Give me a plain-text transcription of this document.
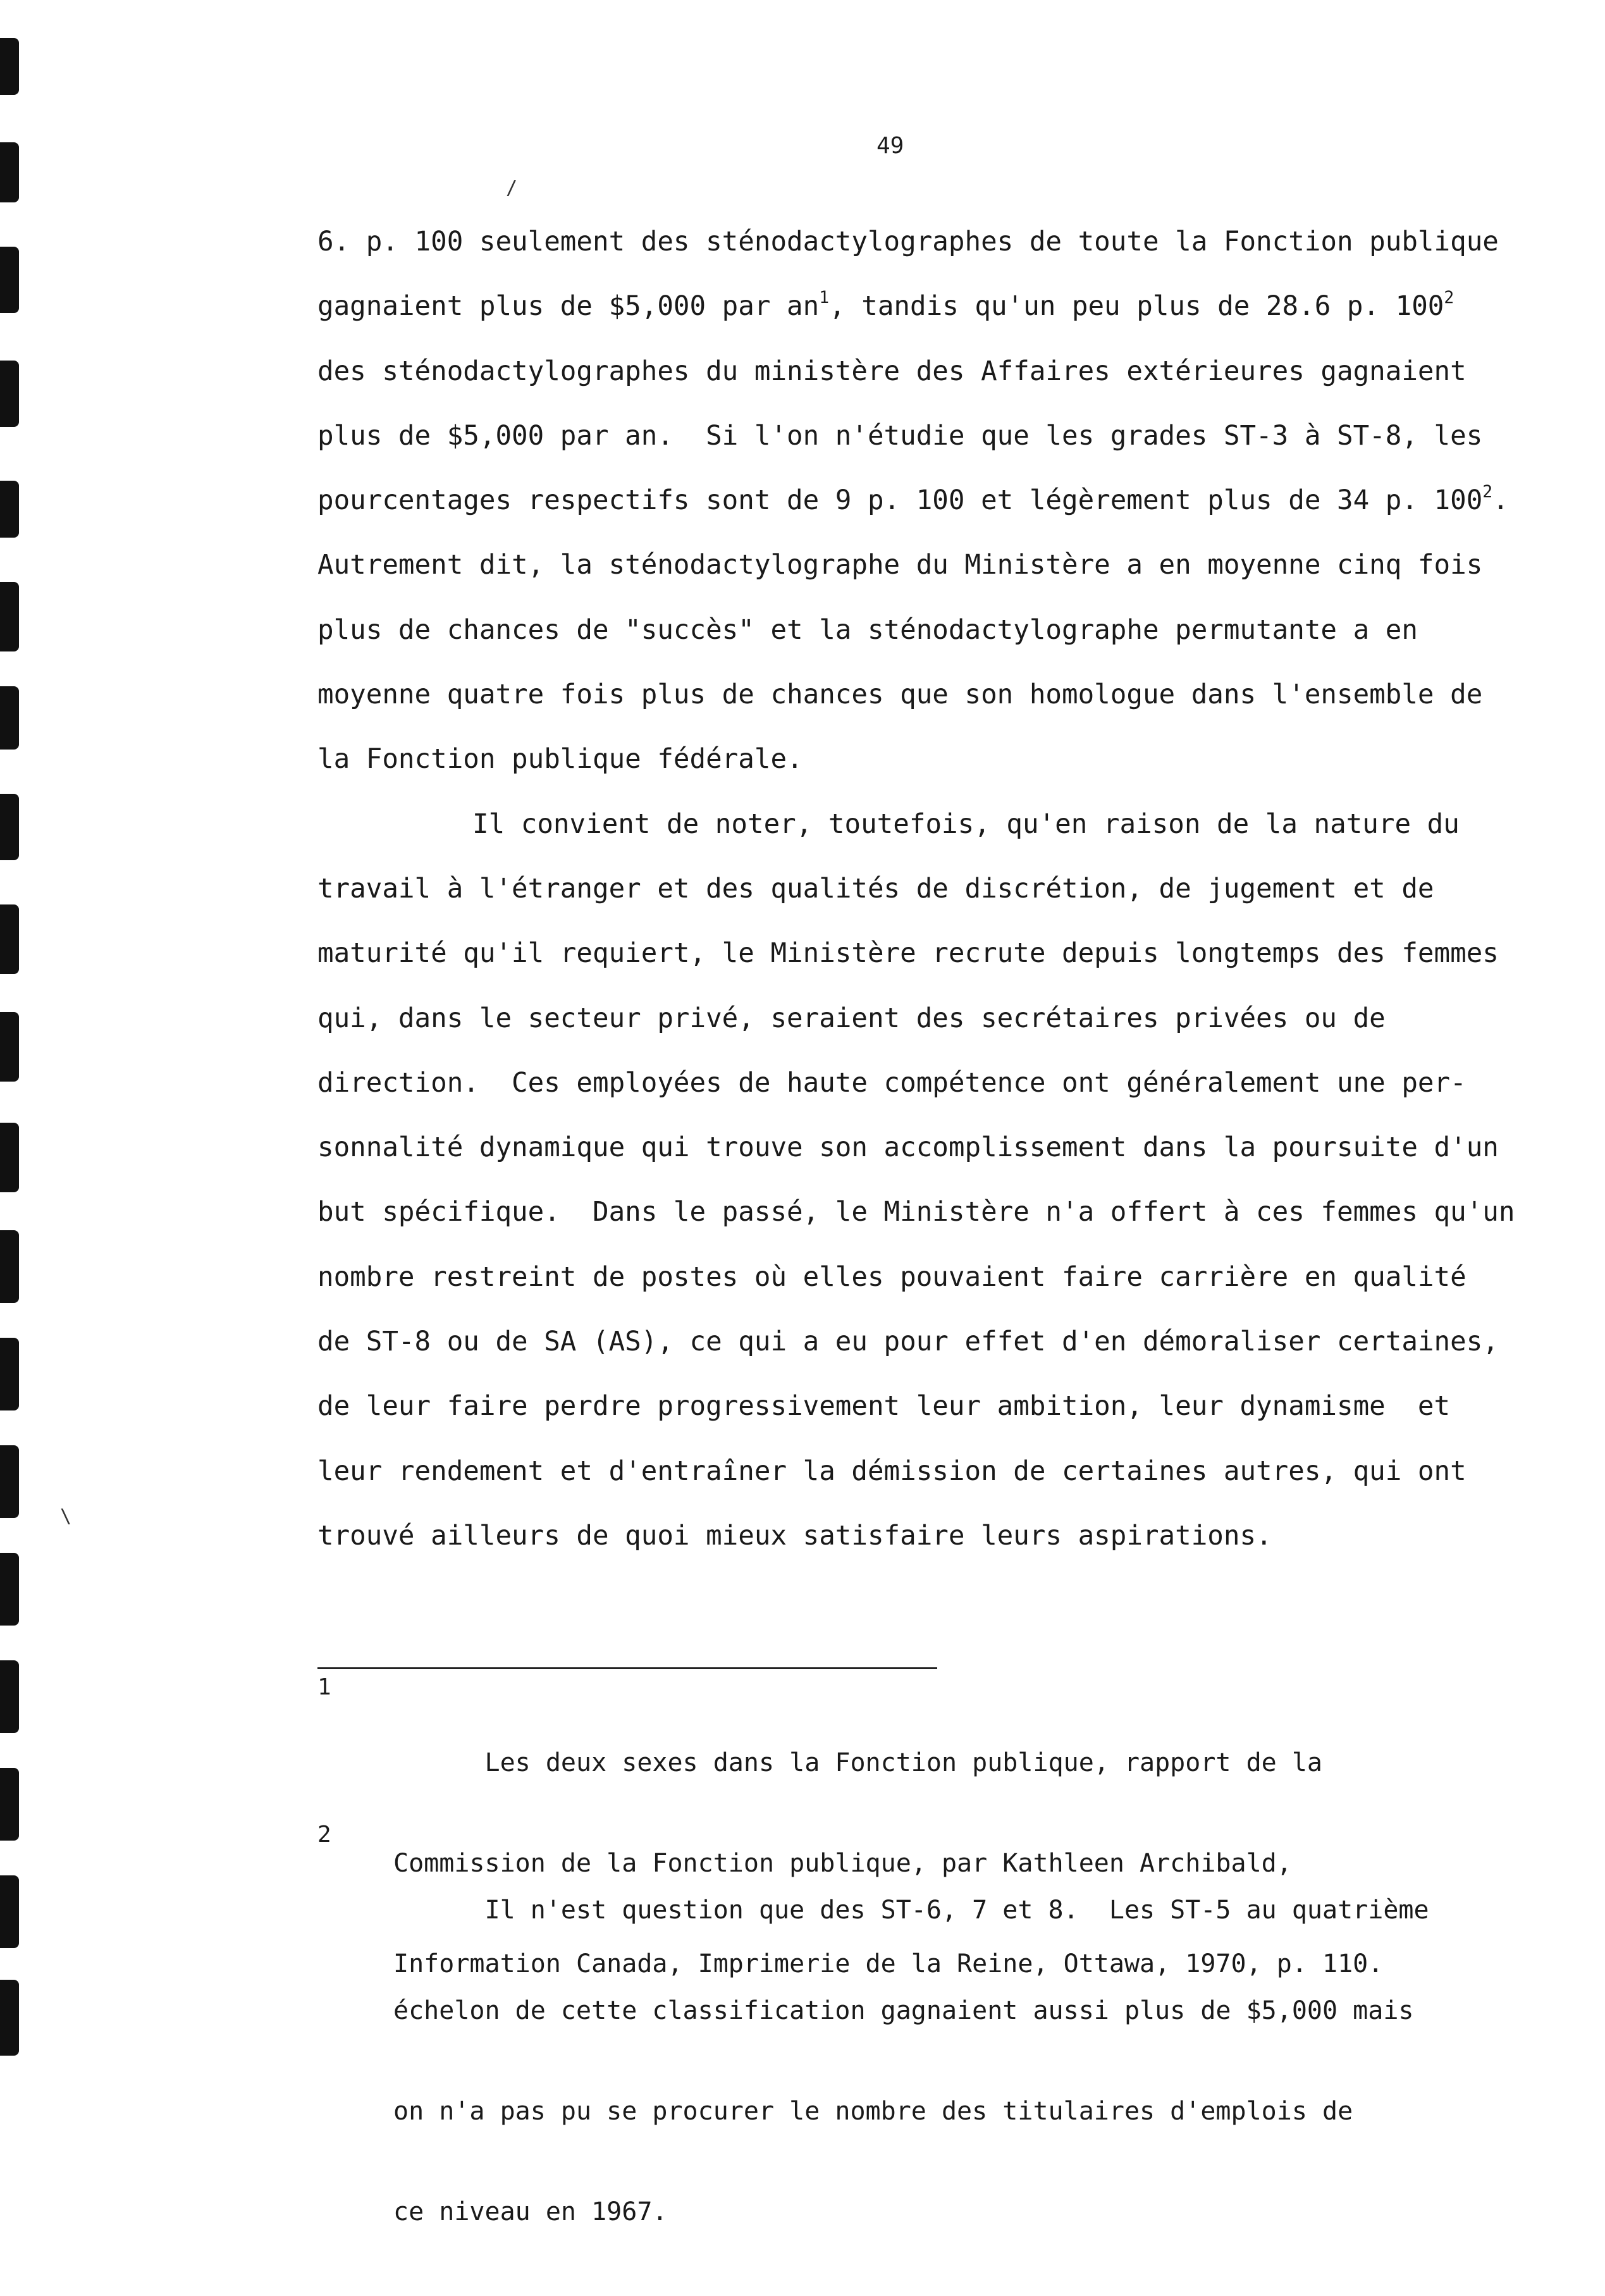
/
\
49
6. p. 100 seulement des sténodactylographes de toute la Fonction publique
gagnaient plus de $5,000 par $an^1$, tandis qu'un peu plus de 28.6 p. $100^2$
des sténodactylographes du ministère des Affaires extérieures gagnaient
plus de $5,000 par an.  Si l'on n'étudie que les grades ST-3 à ST-8, les
pourcentages respectifs sont de 9 p. 100 et légèrement plus de 34 p. $100^2$.
Autrement dit, la sténodactylographe du Ministère a en moyenne cinq fois
plus de chances de "succès" et la sténodactylographe permutante a en
moyenne quatre fois plus de chances que son homologue dans l'ensemble de
la Fonction publique fédérale.
Il convient de noter, toutefois, qu'en raison de la nature du
travail à l'étranger et des qualités de discrétion, de jugement et de
maturité qu'il requiert, le Ministère recrute depuis longtemps des femmes
qui, dans le secteur privé, seraient des secrétaires privées ou de
direction.  Ces employées de haute compétence ont généralement une per-
sonnalité dynamique qui trouve son accomplissement dans la poursuite d'un
but spécifique.  Dans le passé, le Ministère n'a offert à ces femmes qu'un
nombre restreint de postes où elles pouvaient faire carrière en qualité
de ST-8 ou de SA (AS), ce qui a eu pour effet d'en démoraliser certaines,
de leur faire perdre progressivement leur ambition, leur dynamisme  et
leur rendement et d'entraîner la démission de certaines autres, qui ont
trouvé ailleurs de quoi mieux satisfaire leurs aspirations.
1

Les deux sexes dans la Fonction publique, rapport de la

Commission de la Fonction publique, par Kathleen Archibald,

Information Canada, Imprimerie de la Reine, Ottawa, 1970, p. 110.

2

Il n'est question que des ST-6, 7 et 8.  Les ST-5 au quatrième

échelon de cette classification gagnaient aussi plus de $5,000 mais

on n'a pas pu se procurer le nombre des titulaires d'emplois de

ce niveau en 1967.
